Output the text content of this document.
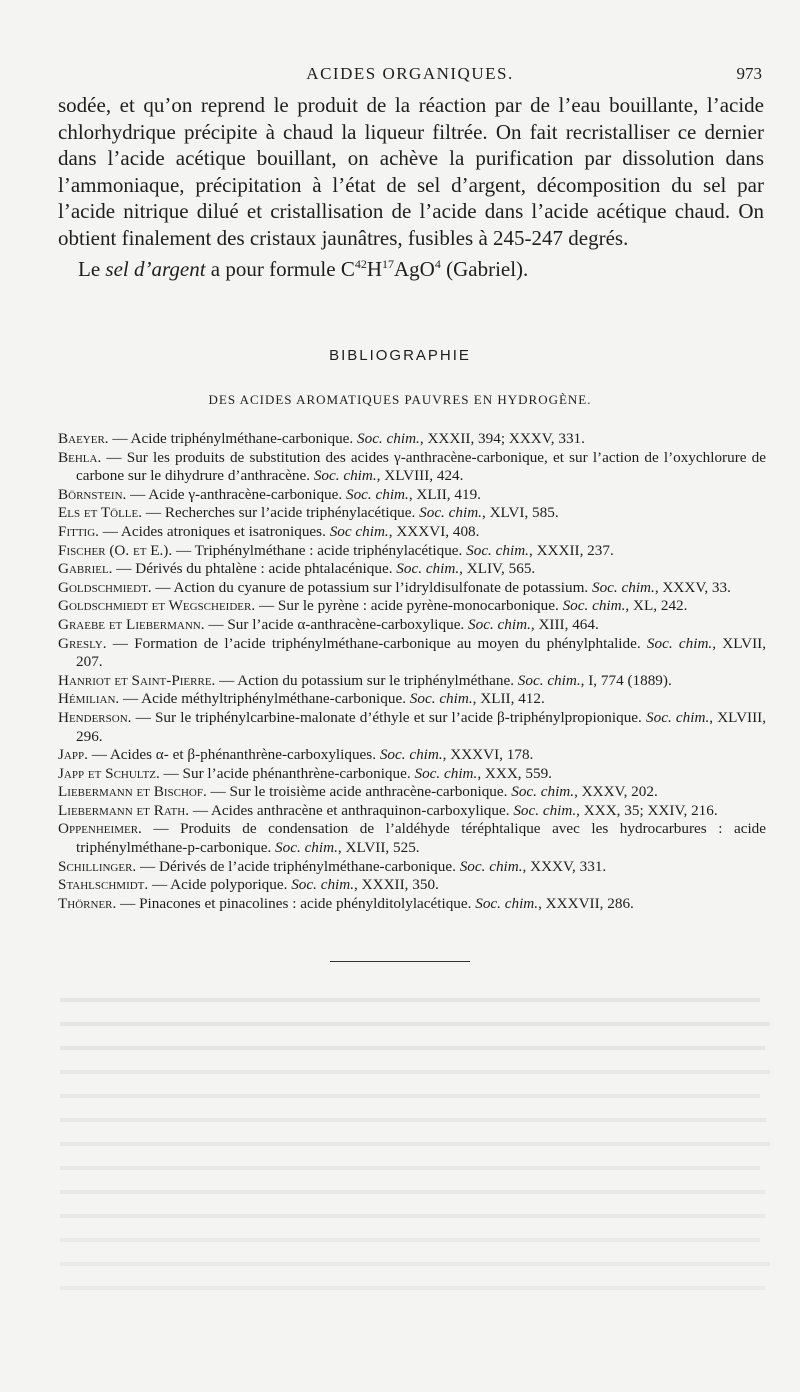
ACIDES ORGANIQUES.	973

sodée, et qu’on reprend le produit de la réaction par de l’eau bouillante, l’acide chlorhydrique précipite à chaud la liqueur filtrée. On fait recristalliser ce dernier dans l’acide acétique bouillant, on achève la purification par dissolution dans l’ammoniaque, précipitation à l’état de sel d’argent, décomposition du sel par l’acide nitrique dilué et cristallisation de l’acide dans l’acide acétique chaud. On obtient finalement des cristaux jaunâtres, fusibles à 245-247 degrés.

Le sel d’argent a pour formule $C^{42}H^{17}AgO^4$ (Gabriel).

BIBLIOGRAPHIE
DES ACIDES AROMATIQUES PAUVRES EN HYDROGÈNE.

Baeyer. — Acide triphénylméthane-carbonique. Soc. chim., XXXII, 394; XXXV, 331.

Behla. — Sur les produits de substitution des acides γ-anthracène-carbonique, et sur l’action de l’oxychlorure de carbone sur le dihydrure d’anthracène. Soc. chim., XLVIII, 424.

Börnstein. — Acide γ-anthracène-carbonique. Soc. chim., XLII, 419.

Els et Tölle. — Recherches sur l’acide triphénylacétique. Soc. chim., XLVI, 585.

Fittig. — Acides atroniques et isatroniques. Soc chim., XXXVI, 408.

Fischer (O. et E.). — Triphénylméthane : acide triphénylacétique. Soc. chim., XXXII, 237.

Gabriel. — Dérivés du phtalène : acide phtalacénique. Soc. chim., XLIV, 565.

Goldschmiedt. — Action du cyanure de potassium sur l’idryldisulfonate de potassium. Soc. chim., XXXV, 33.

Goldschmiedt et Wegscheider. — Sur le pyrène : acide pyrène-monocarbonique. Soc. chim., XL, 242.

Graebe et Liebermann. — Sur l’acide α-anthracène-carboxylique. Soc. chim., XIII, 464.

Gresly. — Formation de l’acide triphénylméthane-carbonique au moyen du phénylphtalide. Soc. chim., XLVII, 207.

Hanriot et Saint-Pierre. — Action du potassium sur le triphénylméthane. Soc. chim., I, 774 (1889).

Hémilian. — Acide méthyltriphénylméthane-carbonique. Soc. chim., XLII, 412.

Henderson. — Sur le triphénylcarbine-malonate d’éthyle et sur l’acide β-triphénylpropionique. Soc. chim., XLVIII, 296.

Japp. — Acides α- et β-phénanthrène-carboxyliques. Soc. chim., XXXVI, 178.

Japp et Schultz. — Sur l’acide phénanthrène-carbonique. Soc. chim., XXX, 559.

Liebermann et Bischof. — Sur le troisième acide anthracène-carbonique. Soc. chim., XXXV, 202.

Liebermann et Rath. — Acides anthracène et anthraquinon-carboxylique. Soc. chim., XXX, 35; XXIV, 216.

Oppenheimer. — Produits de condensation de l’aldéhyde téréphtalique avec les hydrocarbures : acide triphénylméthane-p-carbonique. Soc. chim., XLVII, 525.

Schillinger. — Dérivés de l’acide triphénylméthane-carbonique. Soc. chim., XXXV, 331.

Stahlschmidt. — Acide polyporique. Soc. chim., XXXII, 350.

Thörner. — Pinacones et pinacolines : acide phénylditolylacétique. Soc. chim., XXXVII, 286.
